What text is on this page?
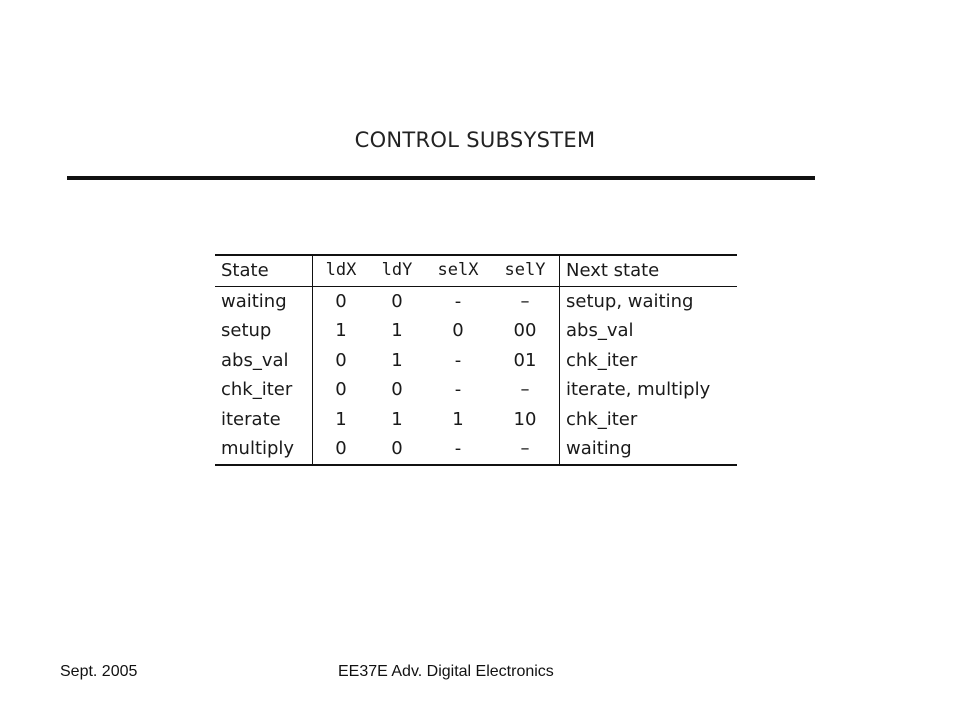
CONTROL SUBSYSTEM
State	ldX	ldY	selX	selY	Next state
waiting	0	0	-	–	setup, waiting
setup	1	1	0	00	abs_val
abs_val	0	1	-	01	chk_iter
chk_iter	0	0	-	–	iterate, multiply
iterate	1	1	1	10	chk_iter
multiply	0	0	-	–	waiting
Sept. 2005	EE37E Adv. Digital Electronics
